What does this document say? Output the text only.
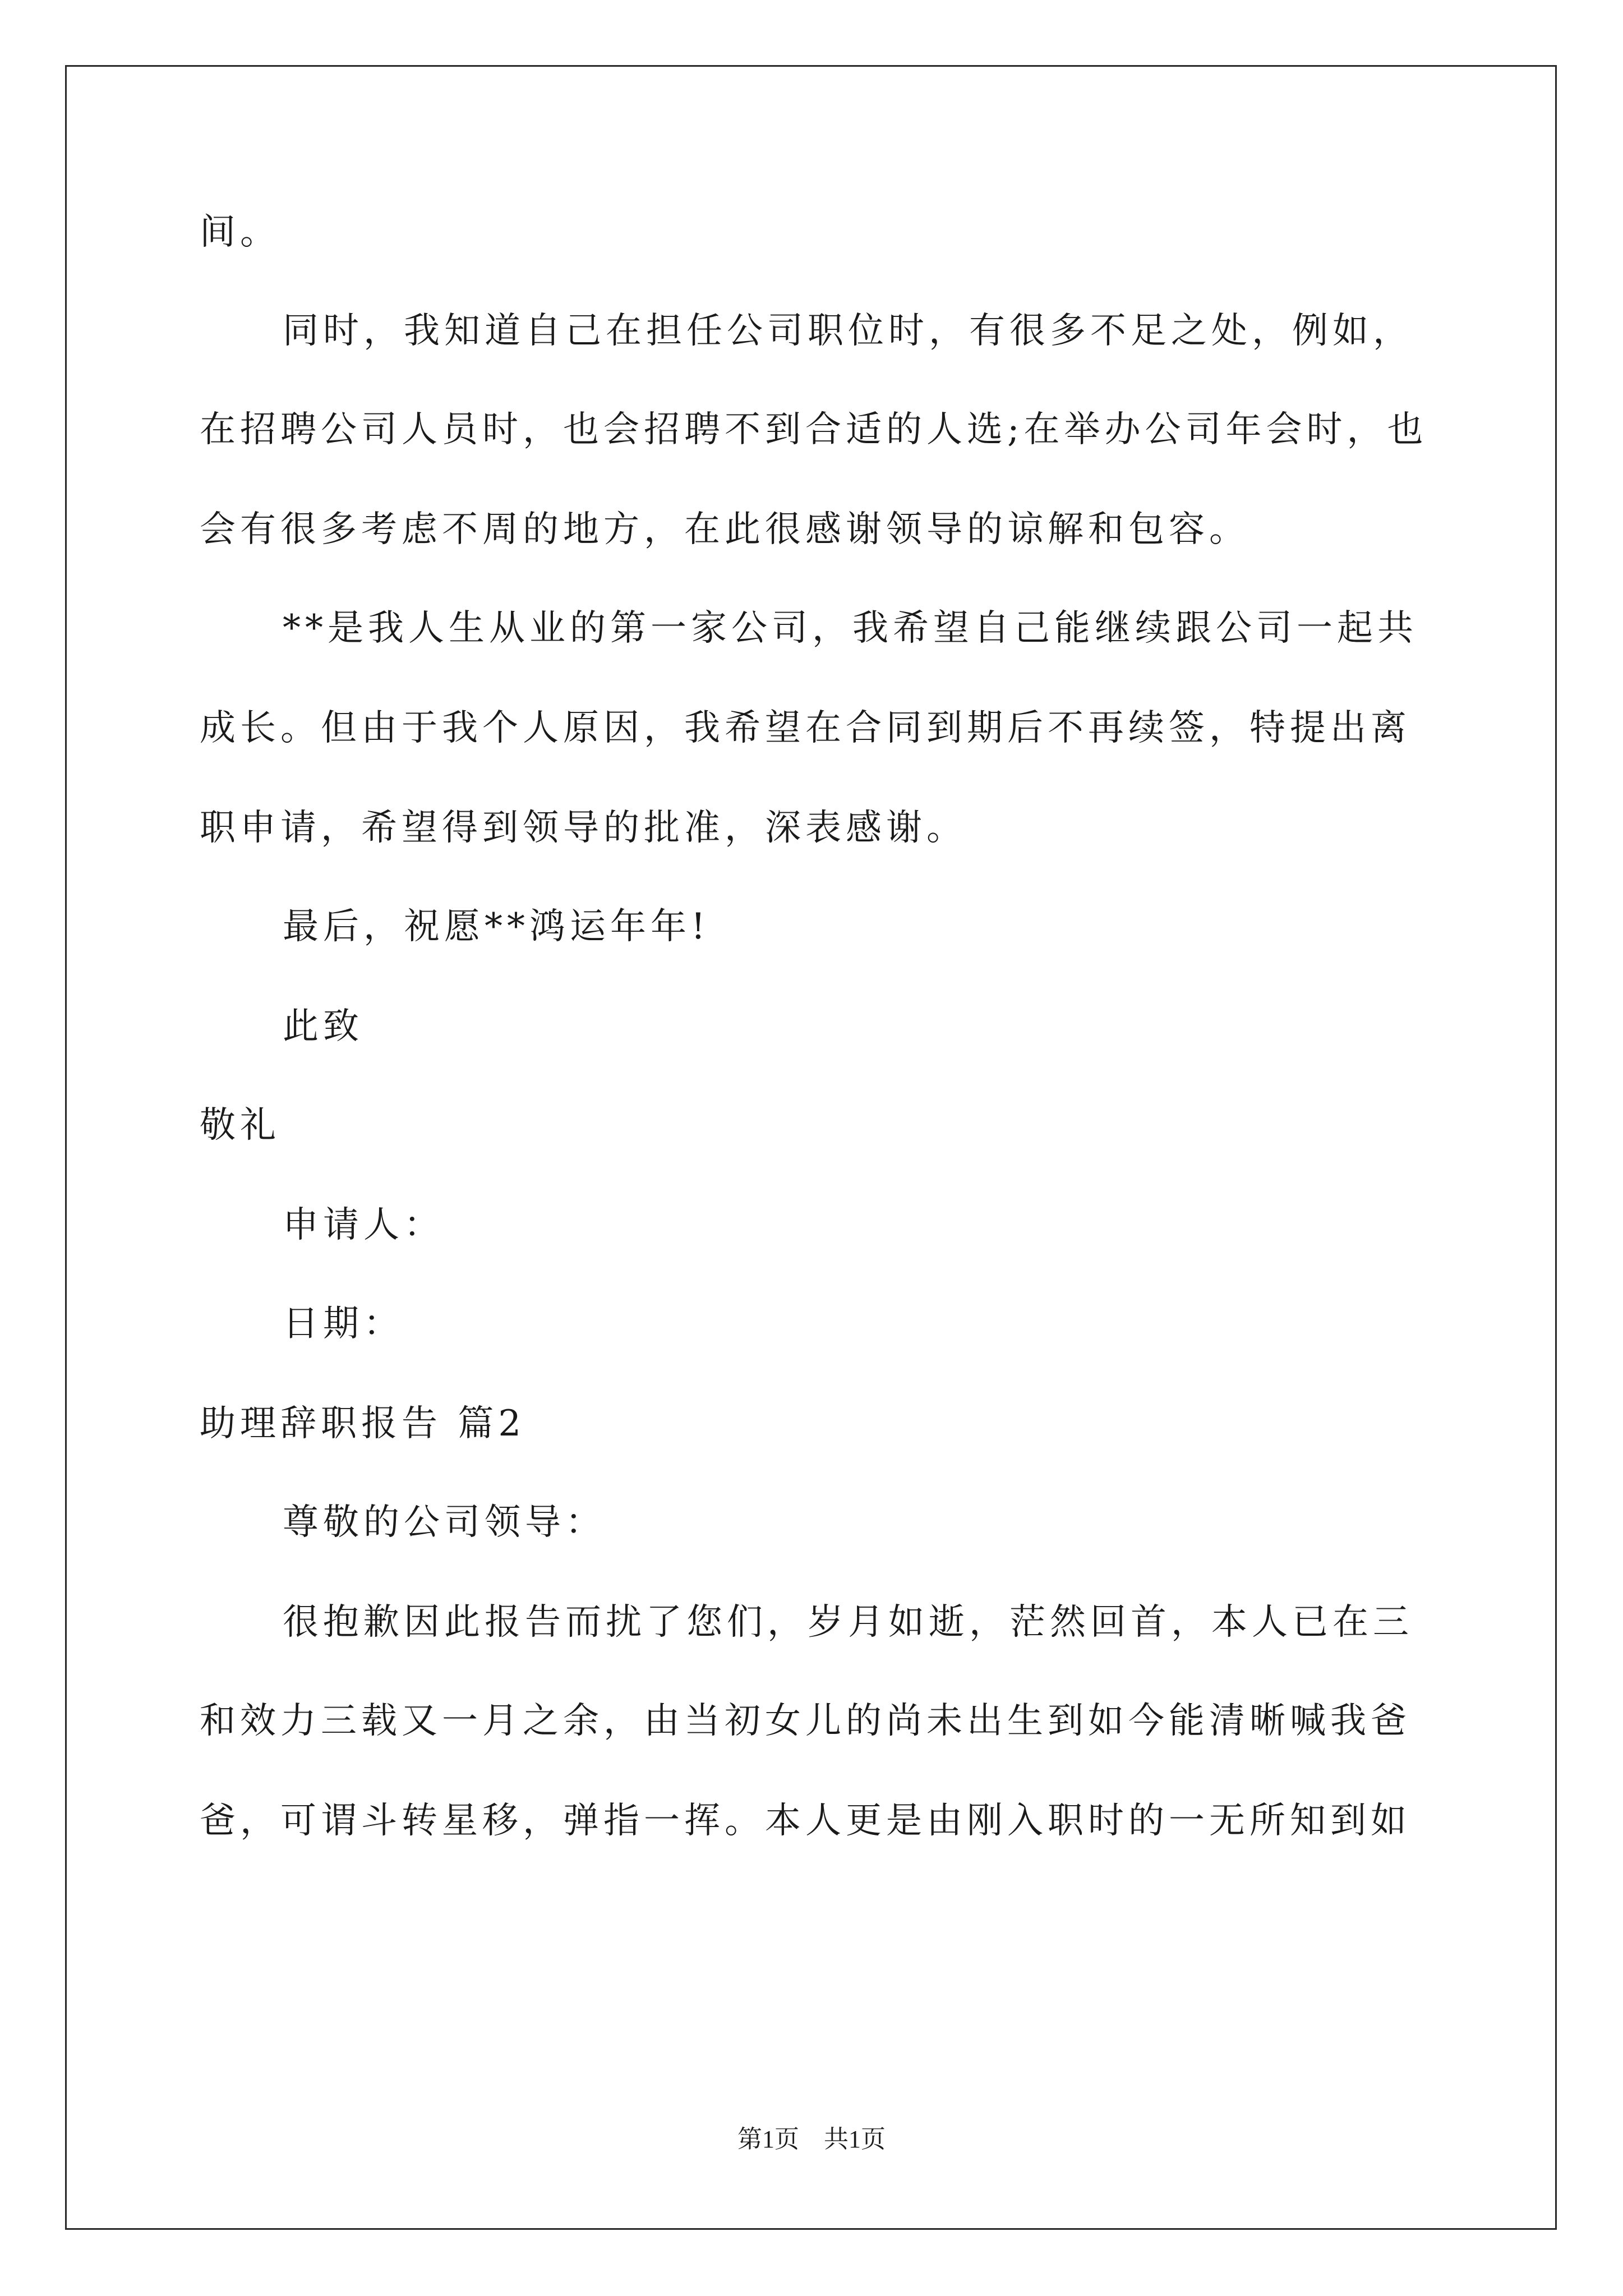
间。
同时，我知道自己在担任公司职位时，有很多不足之处，例如，
在招聘公司人员时，也会招聘不到合适的人选;在举办公司年会时，也
会有很多考虑不周的地方，在此很感谢领导的谅解和包容。
**是我人生从业的第一家公司，我希望自己能继续跟公司一起共
成长。但由于我个人原因，我希望在合同到期后不再续签，特提出离
职申请，希望得到领导的批准，深表感谢。
最后，祝愿**鸿运年年!
此致
敬礼
申请人：
日期：
助理辞职报告 篇2
尊敬的公司领导：
很抱歉因此报告而扰了您们，岁月如逝，茫然回首，本人已在三
和效力三载又一月之余，由当初女儿的尚未出生到如今能清晰喊我爸
爸，可谓斗转星移，弹指一挥。本人更是由刚入职时的一无所知到如
第1页　共1页
